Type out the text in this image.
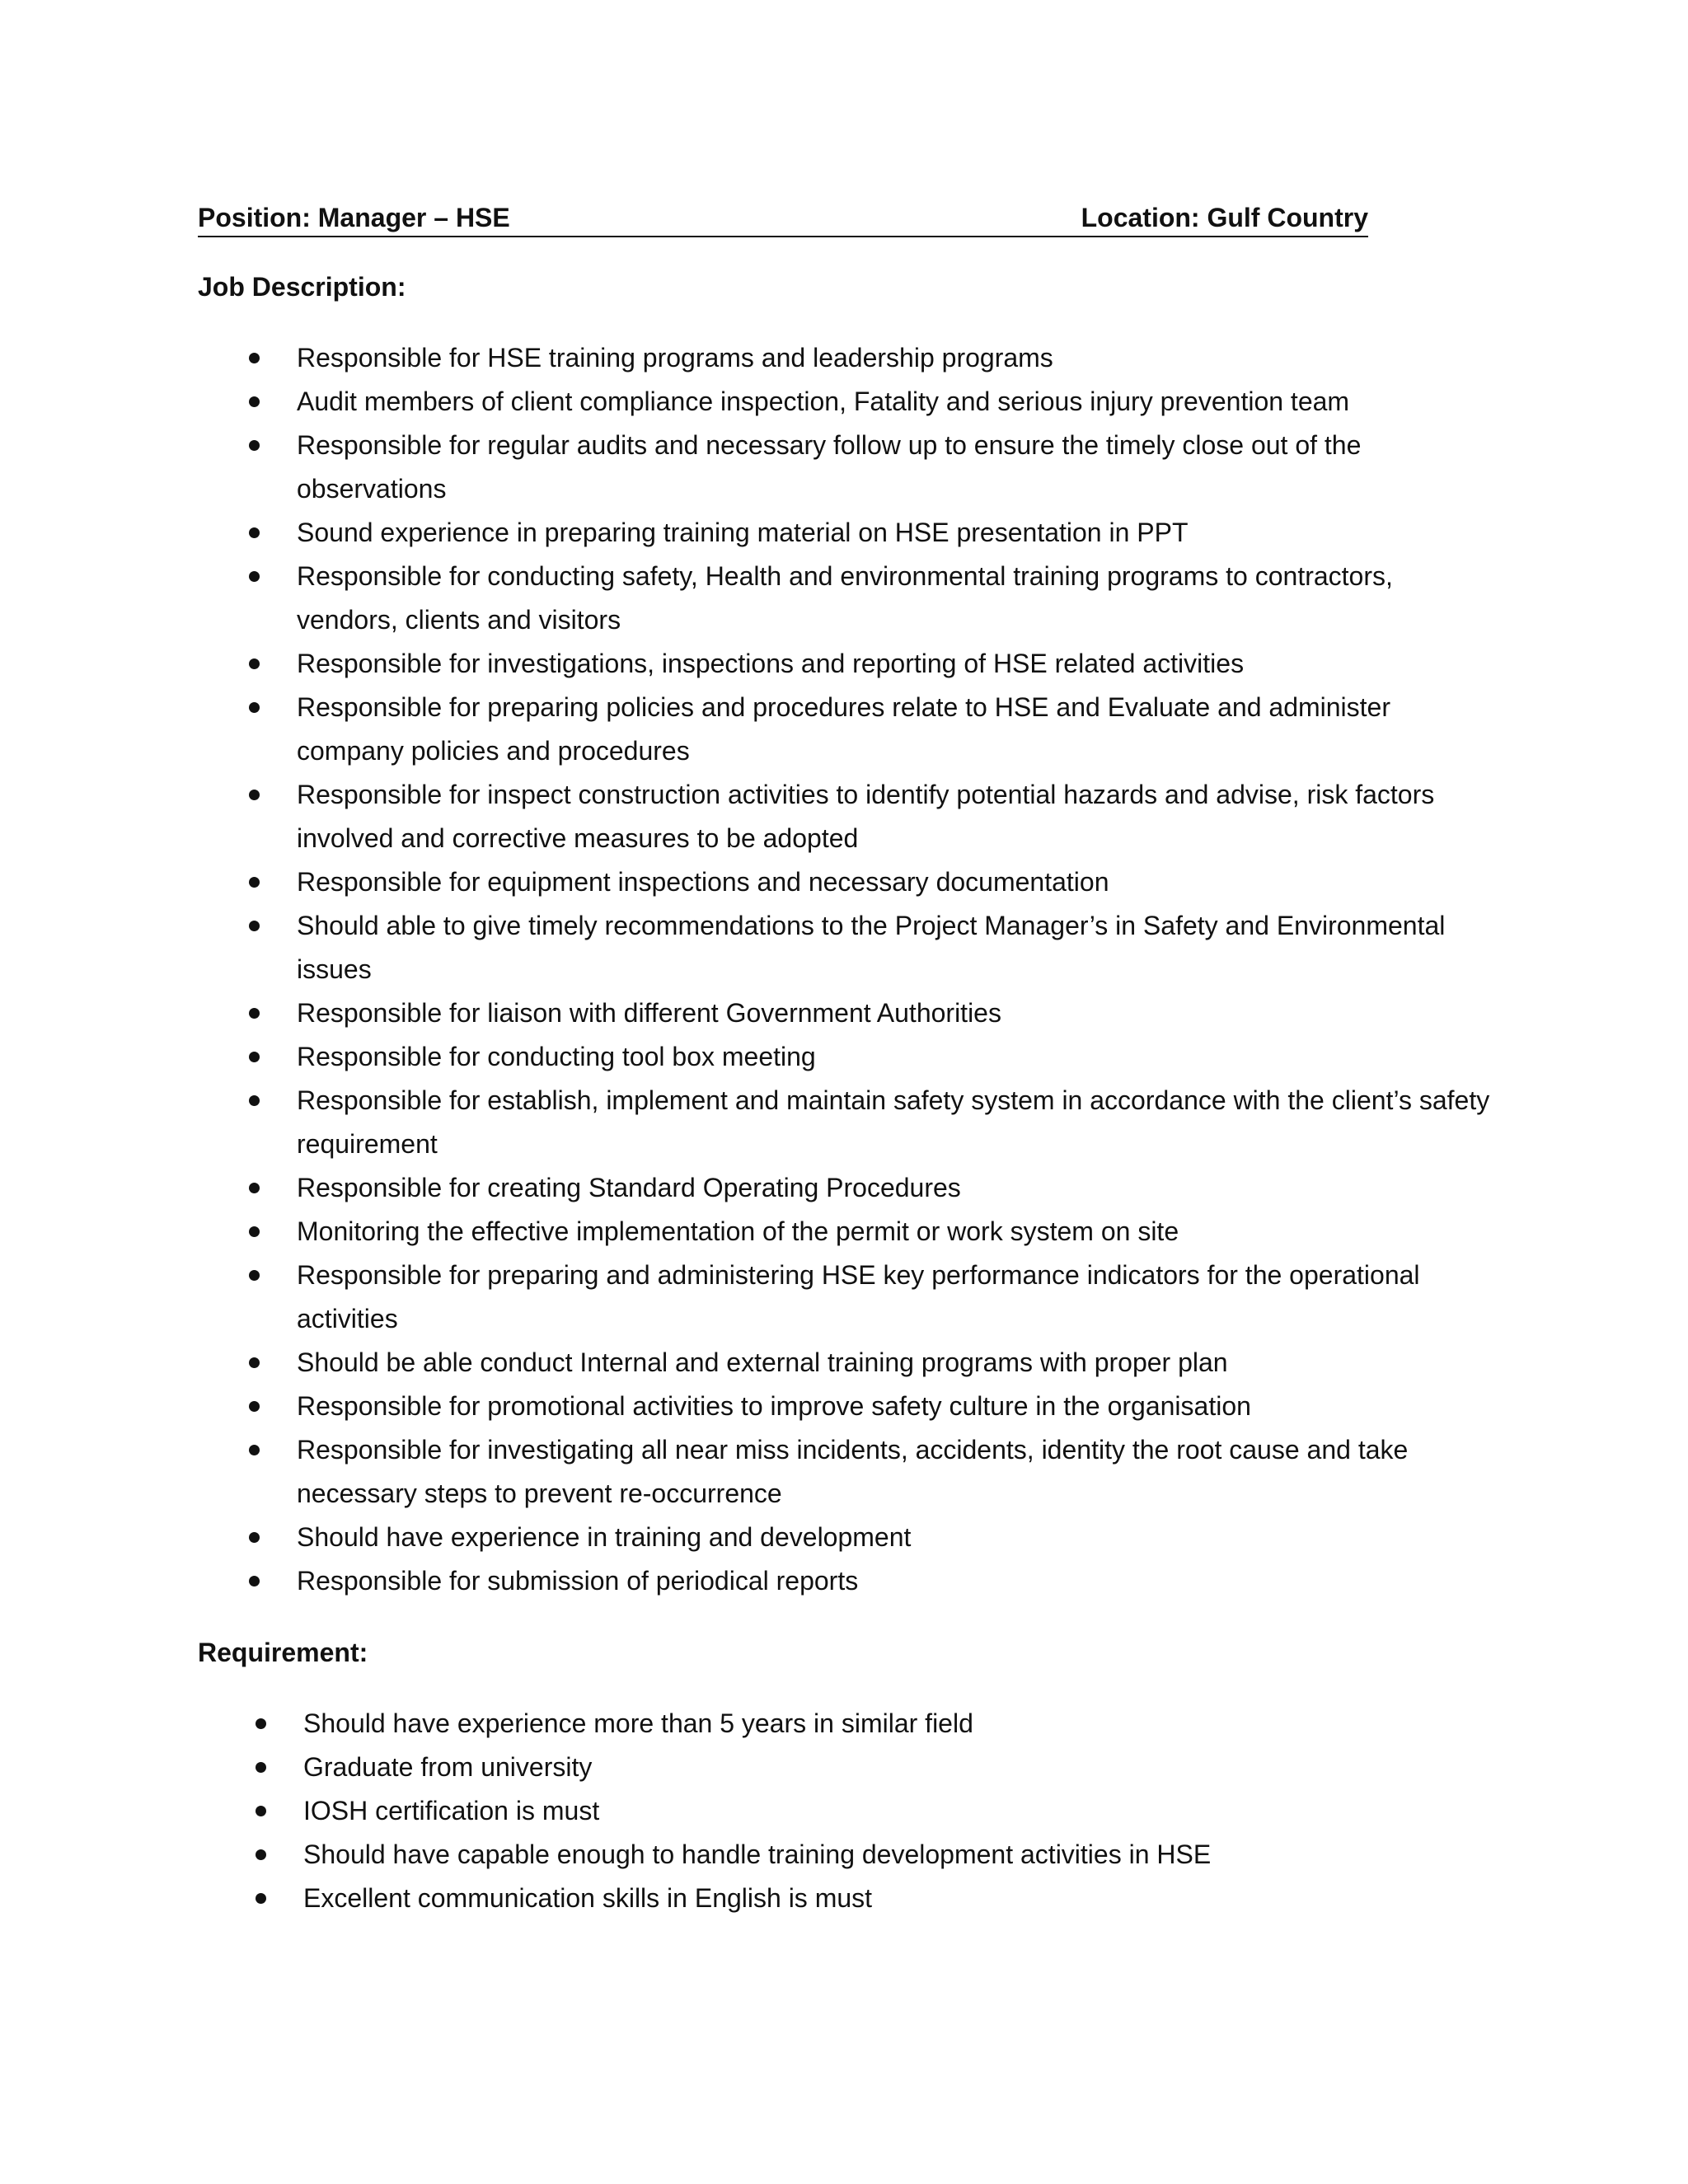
Position: Manager – HSE	Location: Gulf Country
Job Description:
Responsible for HSE training programs and leadership programs
Audit members of client compliance inspection, Fatality and serious injury prevention team
Responsible for regular audits and necessary follow up to ensure the timely close out of the observations
Sound experience in preparing training material on HSE presentation in PPT
Responsible for conducting safety, Health and environmental training programs to contractors, vendors, clients and visitors
Responsible for investigations, inspections and reporting of HSE related activities
Responsible for preparing policies and procedures relate to HSE and Evaluate and administer company policies and procedures
Responsible for inspect construction activities to identify potential hazards and advise, risk factors involved and corrective measures to be adopted
Responsible for equipment inspections and necessary documentation
Should able to give timely recommendations to the Project Manager’s in Safety and Environmental issues
Responsible for liaison with different Government Authorities
Responsible for conducting tool box meeting
Responsible for establish, implement and maintain safety system in accordance with the client’s safety requirement
Responsible for creating Standard Operating Procedures
Monitoring the effective implementation of the permit or work system on site
Responsible for preparing and administering HSE key performance indicators for the operational activities
Should be able conduct Internal and external training programs with proper plan
Responsible for promotional activities to improve safety culture in the organisation
Responsible for investigating all near miss incidents, accidents, identity the root cause and take necessary steps to prevent re-occurrence
Should have experience in training and development
Responsible for submission of periodical reports
Requirement:
Should have experience more than 5 years in similar field
Graduate from university
IOSH certification is must
Should have capable enough to handle training development activities in HSE
Excellent communication skills in English is must
